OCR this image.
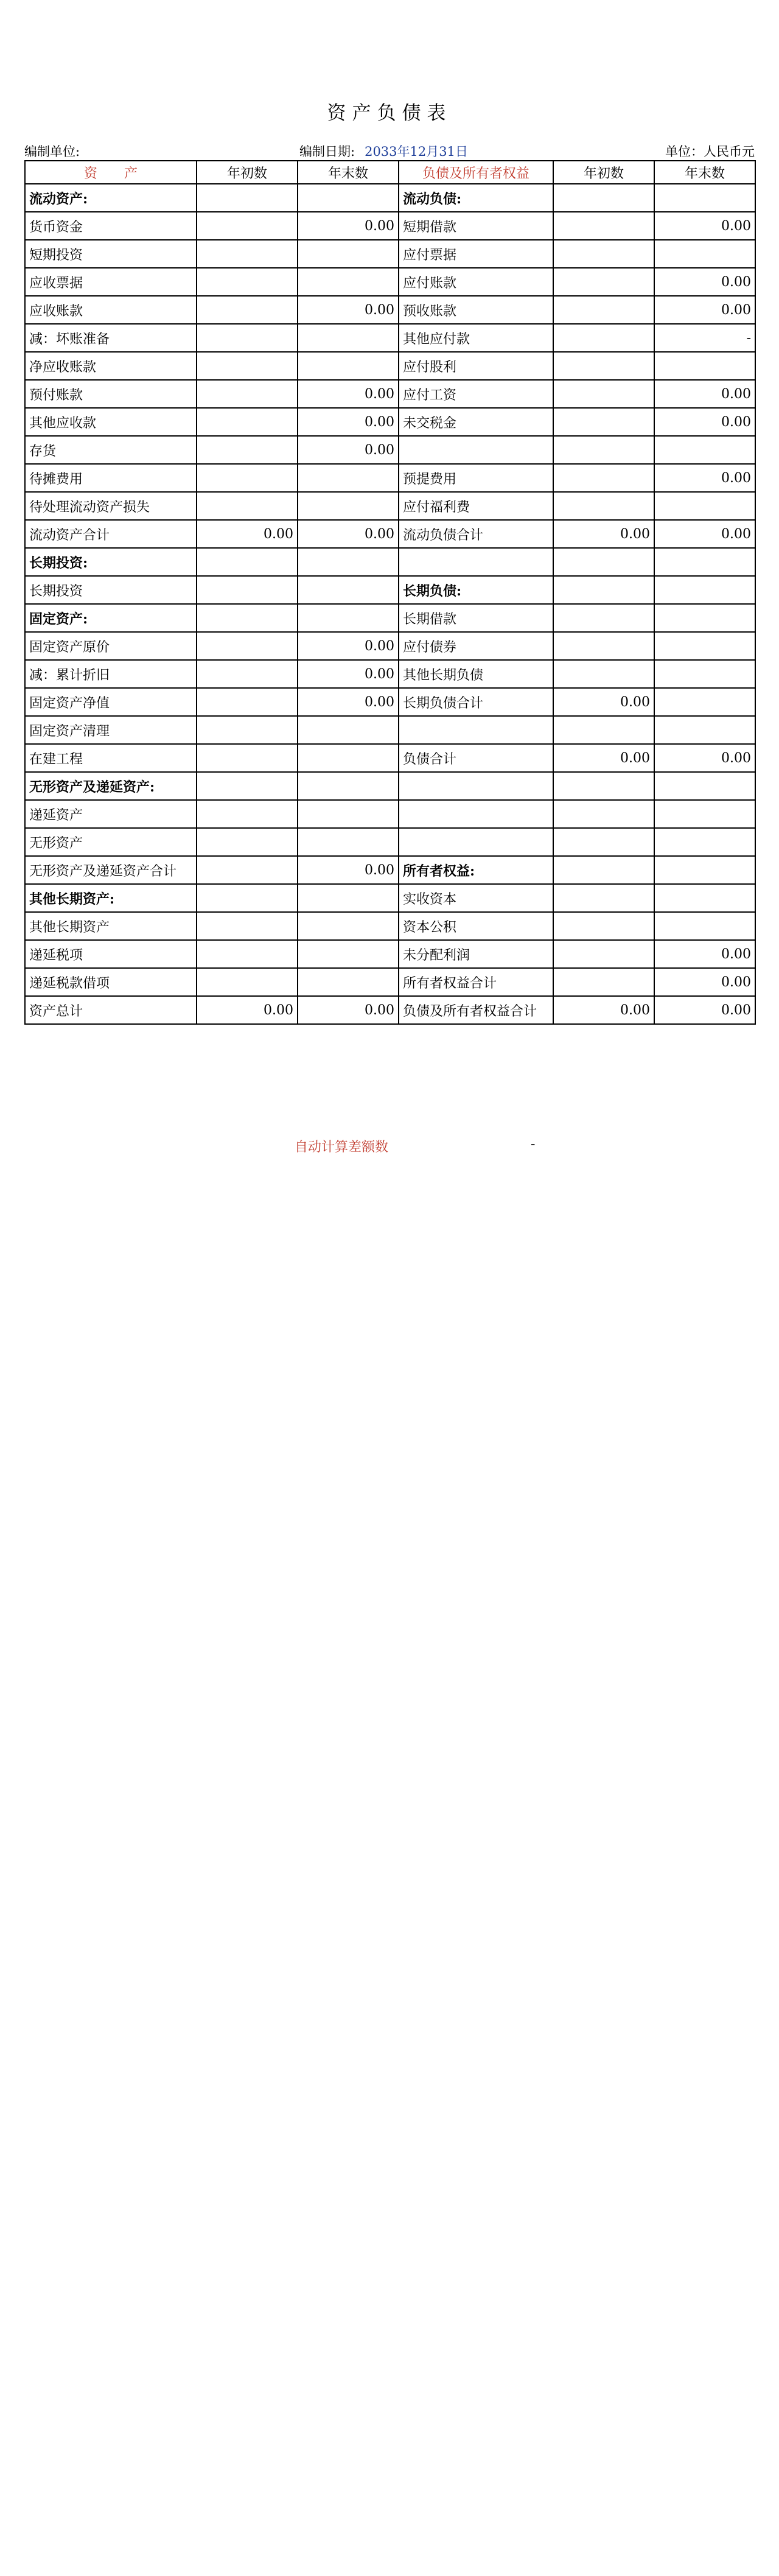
资产负债表
编制单位:	编制日期: 2033年12月31日	单位：人民币元
资　　产	年初数	年末数	负债及所有者权益	年初数	年末数
流动资产:			流动负债:		
货币资金		0.00	短期借款		0.00
短期投资			应付票据		
应收票据			应付账款		0.00
应收账款		0.00	预收账款		0.00
减：坏账准备			其他应付款		-
净应收账款			应付股利		
预付账款		0.00	应付工资		0.00
其他应收款		0.00	未交税金		0.00
存货		0.00			
待摊费用			预提费用		0.00
待处理流动资产损失			应付福利费		
流动资产合计	0.00	0.00	流动负债合计	0.00	0.00
长期投资:					
长期投资			长期负债:		
固定资产:			长期借款		
固定资产原价		0.00	应付债券		
减：累计折旧		0.00	其他长期负债		
固定资产净值		0.00	长期负债合计	0.00	
固定资产清理					
在建工程			负债合计	0.00	0.00
无形资产及递延资产:					
递延资产					
无形资产					
无形资产及递延资产合计		0.00	所有者权益:		
其他长期资产:			实收资本		
其他长期资产			资本公积		
递延税项			未分配利润		0.00
递延税款借项			所有者权益合计		0.00
资产总计	0.00	0.00	负债及所有者权益合计	0.00	0.00
自动计算差额数	-
